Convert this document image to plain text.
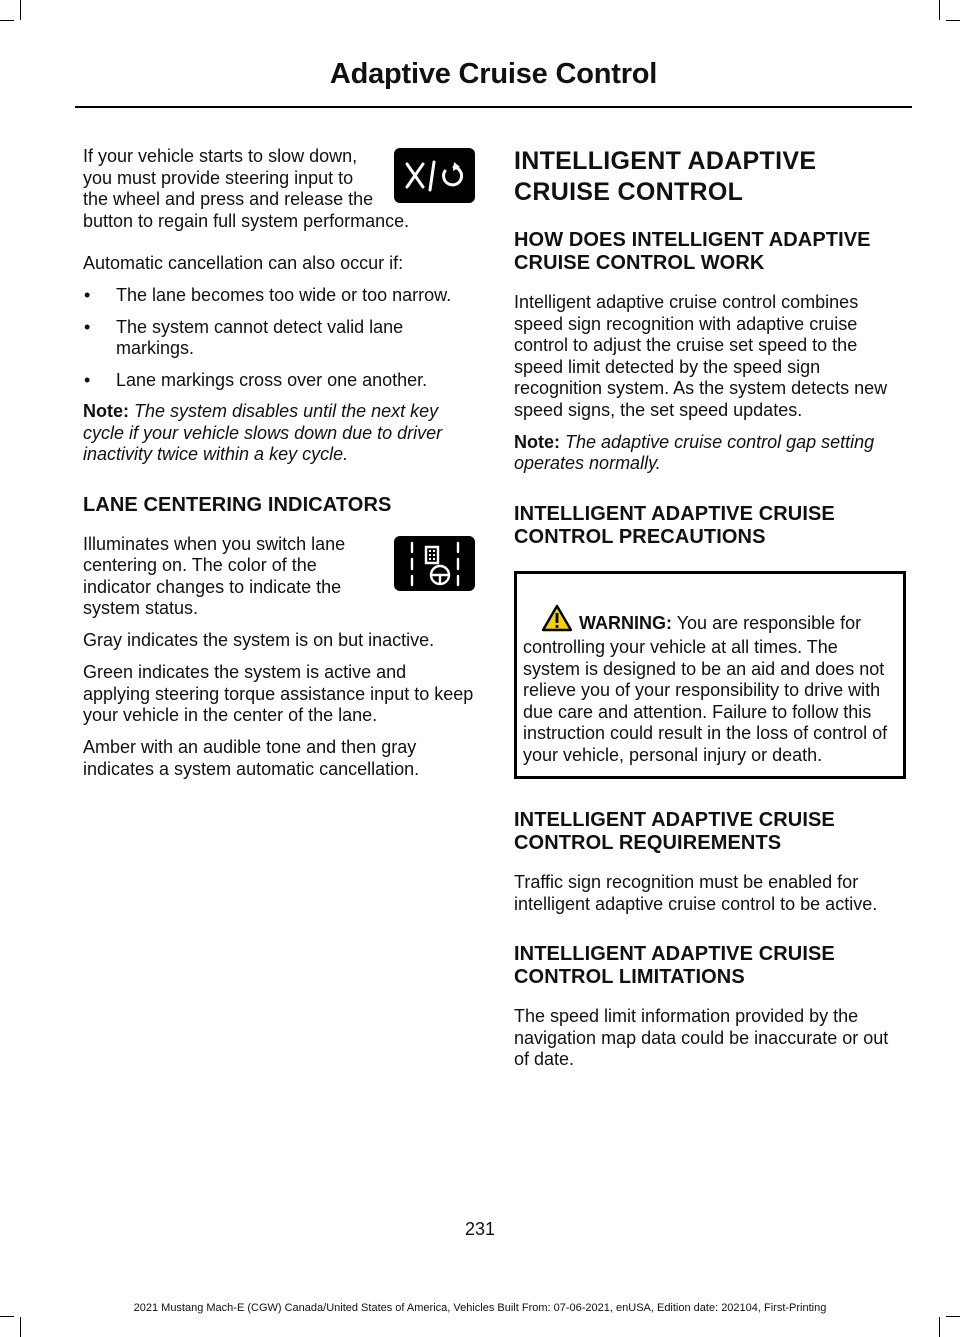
Adaptive Cruise Control

If your vehicle starts to slow down, you must provide steering input to the wheel and press and release the button to regain full system performance.

Automatic cancellation can also occur if:

• The lane becomes too wide or too narrow.
• The system cannot detect valid lane markings.
• Lane markings cross over one another.

Note: The system disables until the next key cycle if your vehicle slows down due to driver inactivity twice within a key cycle.

LANE CENTERING INDICATORS

Illuminates when you switch lane centering on. The color of the indicator changes to indicate the system status.

Gray indicates the system is on but inactive.

Green indicates the system is active and applying steering torque assistance input to keep your vehicle in the center of the lane.

Amber with an audible tone and then gray indicates a system automatic cancellation.

INTELLIGENT ADAPTIVE
CRUISE CONTROL
HOW DOES INTELLIGENT ADAPTIVE CRUISE CONTROL WORK

Intelligent adaptive cruise control combines speed sign recognition with adaptive cruise control to adjust the cruise set speed to the speed limit detected by the speed sign recognition system. As the system detects new speed signs, the set speed updates.

Note: The adaptive cruise control gap setting operates normally.

INTELLIGENT ADAPTIVE CRUISE CONTROL PRECAUTIONS
WARNING: You are responsible for controlling your vehicle at all times. The system is designed to be an aid and does not relieve you of your responsibility to drive with due care and attention. Failure to follow this instruction could result in the loss of control of your vehicle, personal injury or death.
INTELLIGENT ADAPTIVE CRUISE CONTROL REQUIREMENTS

Traffic sign recognition must be enabled for intelligent adaptive cruise control to be active.

INTELLIGENT ADAPTIVE CRUISE CONTROL LIMITATIONS

The speed limit information provided by the navigation map data could be inaccurate or out of date.

231
2021 Mustang Mach-E (CGW) Canada/United States of America, Vehicles Built From: 07-06-2021, enUSA, Edition date: 202104, First-Printing
